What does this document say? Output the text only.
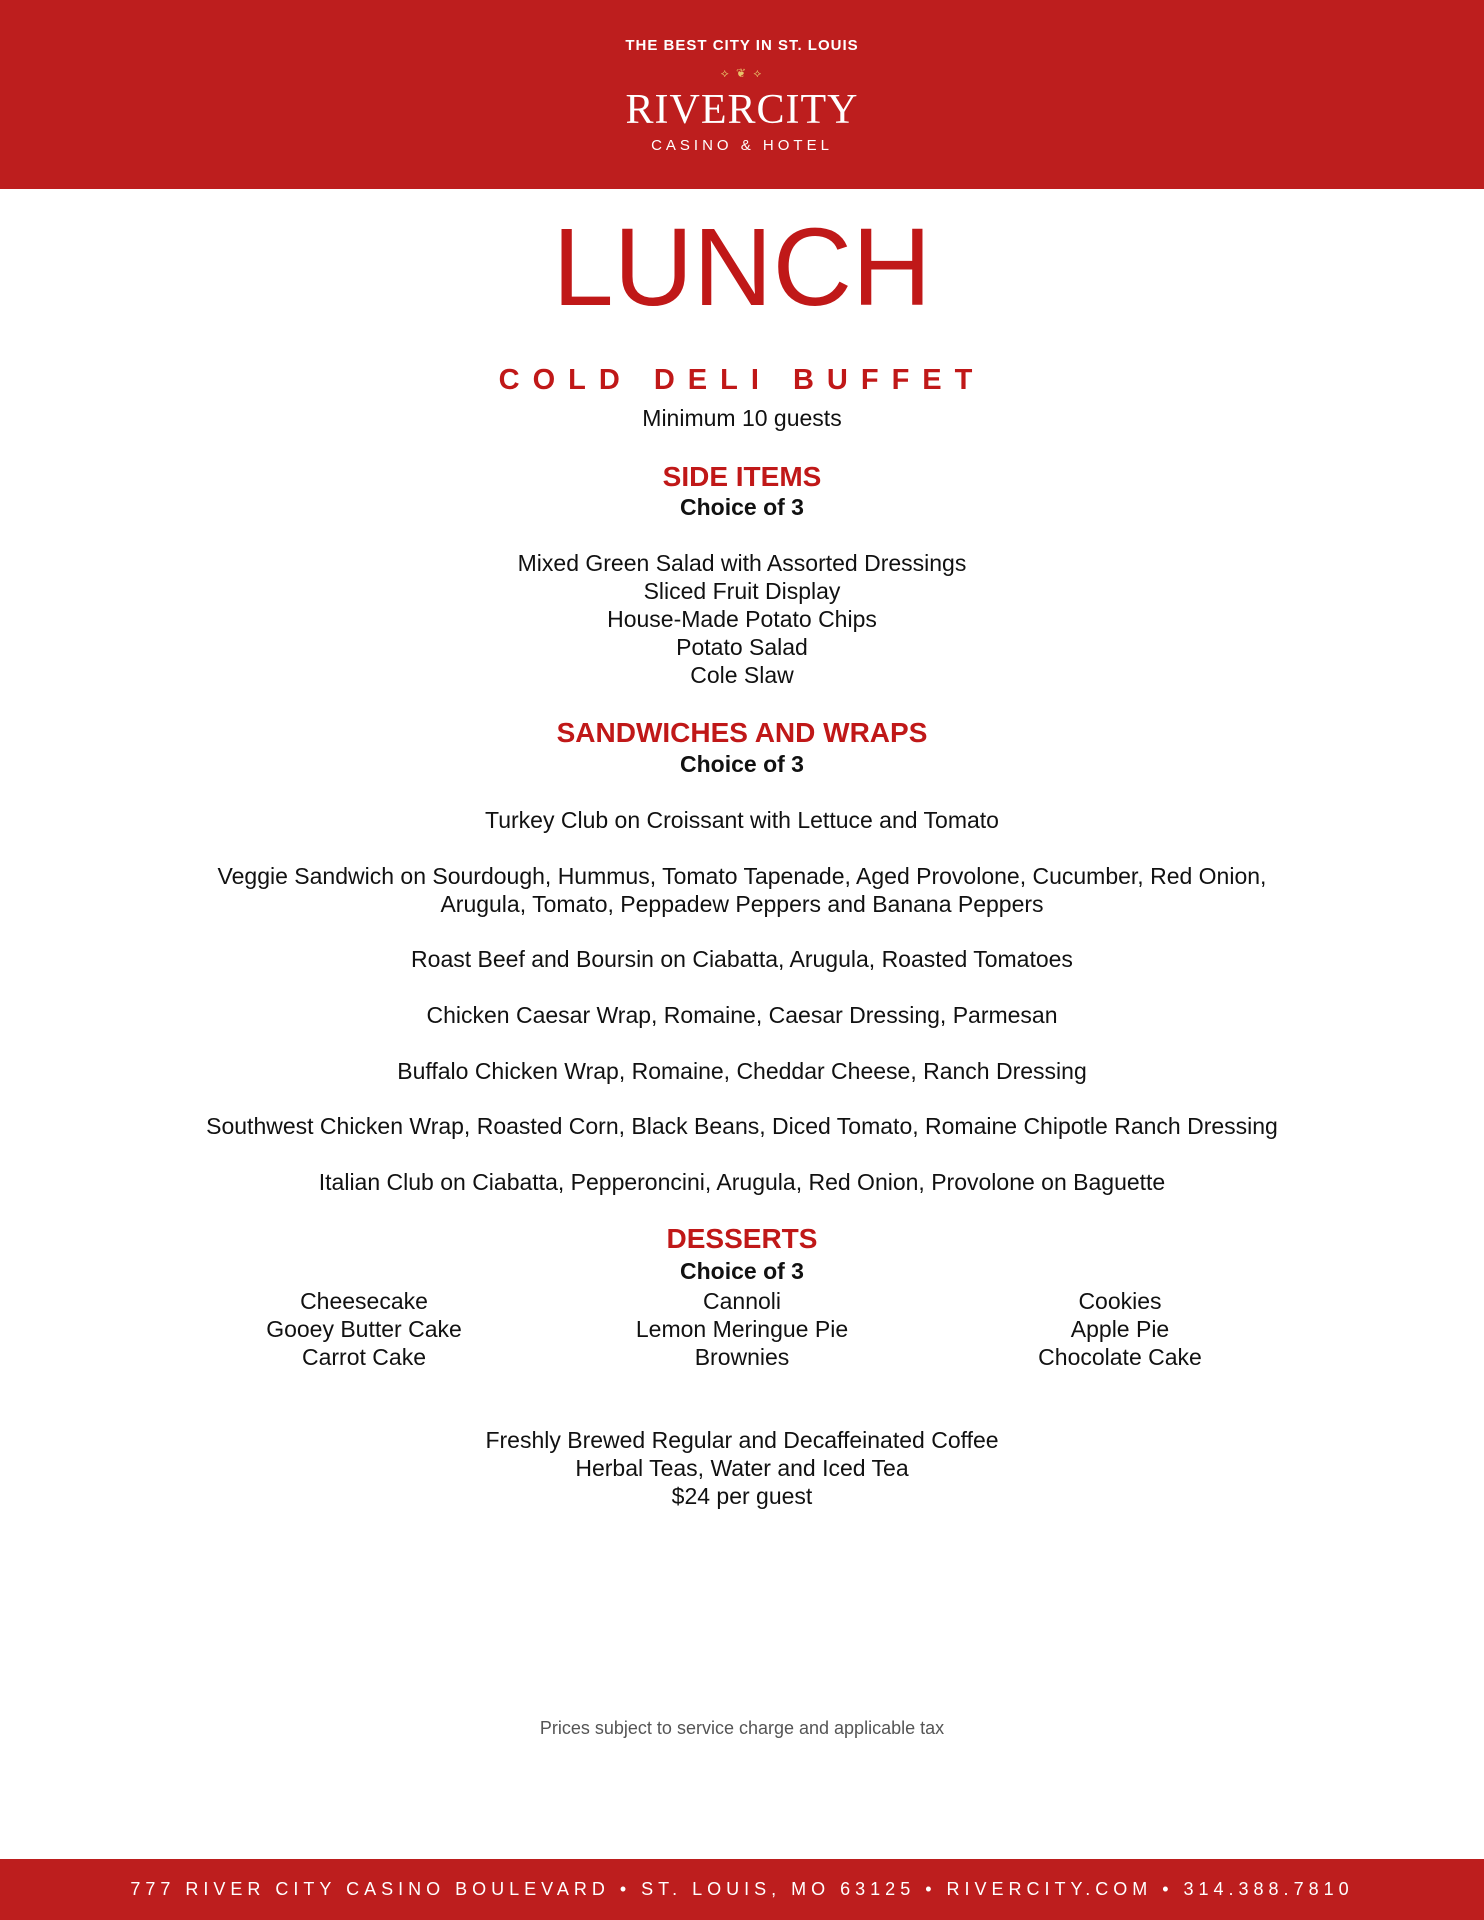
THE BEST CITY IN ST. LOUIS
⟡ ❦ ⟡
RIVERCITY
CASINO & HOTEL
LUNCH
COLD DELI BUFFET
Minimum 10 guests
SIDE ITEMS
Choice of 3
Mixed Green Salad with Assorted Dressings
Sliced Fruit Display
House-Made Potato Chips
Potato Salad
Cole Slaw
SANDWICHES AND WRAPS
Choice of 3
Turkey Club on Croissant with Lettuce and Tomato
Veggie Sandwich on Sourdough, Hummus, Tomato Tapenade, Aged Provolone, Cucumber, Red Onion,
Arugula, Tomato, Peppadew Peppers and Banana Peppers
Roast Beef and Boursin on Ciabatta, Arugula, Roasted Tomatoes
Chicken Caesar Wrap, Romaine, Caesar Dressing, Parmesan
Buffalo Chicken Wrap, Romaine, Cheddar Cheese, Ranch Dressing
Southwest Chicken Wrap, Roasted Corn, Black Beans, Diced Tomato, Romaine Chipotle Ranch Dressing
Italian Club on Ciabatta, Pepperoncini, Arugula, Red Onion, Provolone on Baguette
DESSERTS
Choice of 3
Cheesecake
Gooey Butter Cake
Carrot Cake
Cannoli
Lemon Meringue Pie
Brownies
Cookies
Apple Pie
Chocolate Cake
Freshly Brewed Regular and Decaffeinated Coffee
Herbal Teas, Water and Iced Tea
$24 per guest
Prices subject to service charge and applicable tax
777 RIVER CITY CASINO BOULEVARD • ST. LOUIS, MO 63125 • RIVERCITY.COM • 314.388.7810
